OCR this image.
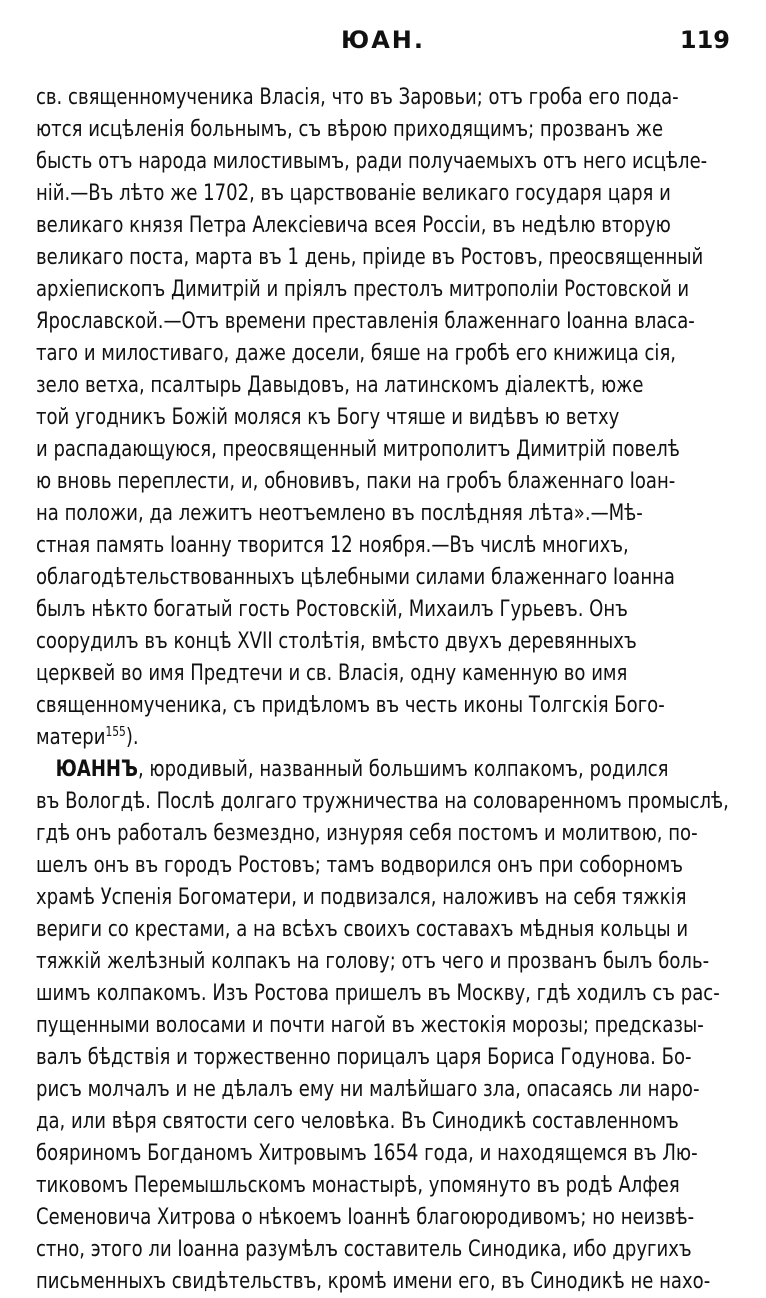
ЮАН.	119
св. священномученика Власія, что въ Заровьи; отъ гроба его пода-
ются исцѣленія больнымъ, съ вѣрою приходящимъ; прозванъ же
бысть отъ народа милостивымъ, ради получаемыхъ отъ него исцѣле-
ній.—Въ лѣто же 1702, въ царствованіе великаго государя царя и
великаго князя Петра Алексіевича всея Россіи, въ недѣлю вторую
великаго поста, марта въ 1 день, пріиде въ Ростовъ, преосвященный
архіепископъ Димитрій и пріялъ престолъ митрополіи Ростовской и
Ярославской.—Отъ времени преставленія блаженнаго Іоанна власа-
таго и милостиваго, даже досели, бяше на гробѣ его книжица сія,
зело ветха, псалтырь Давыдовъ, на латинскомъ діалектѣ, юже
той угодникъ Божій моляся къ Богу чтяше и видѣвъ ю ветху
и распадающуюся, преосвященный митрополитъ Димитрій повелѣ
ю вновь переплести, и, обновивъ, паки на гробъ блаженнаго Іоан-
на положи, да лежитъ неотъемлено въ послѣдняя лѣта».—Мѣ-
стная память Іоанну творится 12 ноября.—Въ числѣ многихъ,
облагодѣтельствованныхъ цѣлебными силами блаженнаго Іоанна
былъ нѣкто богатый гость Ростовскій, Михаилъ Гурьевъ. Онъ
соорудилъ въ концѣ XVII столѣтія, вмѣсто двухъ деревянныхъ
церквей во имя Предтечи и св. Власія, одну каменную во имя
священномученика, съ придѣломъ въ честь иконы Толгскія Бого-
матери$^{155}$).
ЮАННЪ, юродивый, названный большимъ колпакомъ, родился
въ Вологдѣ. Послѣ долгаго тружничества на соловаренномъ промыслѣ,
гдѣ онъ работалъ безмездно, изнуряя себя постомъ и молитвою, по-
шелъ онъ въ городъ Ростовъ; тамъ водворился онъ при соборномъ
храмѣ Успенія Богоматери, и подвизался, наложивъ на себя тяжкія
вериги со крестами, а на всѣхъ своихъ составахъ мѣдныя кольцы и
тяжкій желѣзный колпакъ на голову; отъ чего и прозванъ былъ боль-
шимъ колпакомъ. Изъ Ростова пришелъ въ Москву, гдѣ ходилъ съ рас-
пущенными волосами и почти нагой въ жестокія морозы; предсказы-
валъ бѣдствія и торжественно порицалъ царя Бориса Годунова. Бо-
рисъ молчалъ и не дѣлалъ ему ни малѣйшаго зла, опасаясь ли наро-
да, или вѣря святости сего человѣка. Въ Синодикѣ составленномъ
бояриномъ Богданомъ Хитровымъ 1654 года, и находящемся въ Лю-
тиковомъ Перемышльскомъ монастырѣ, упомянуто въ родѣ Алфея
Семеновича Хитрова о нѣкоемъ Іоаннѣ благоюродивомъ; но неизвѣ-
стно, этого ли Іоанна разумѣлъ составитель Синодика, ибо другихъ
письменныхъ свидѣтельствъ, кромѣ имени его, въ Синодикѣ не нахо-
